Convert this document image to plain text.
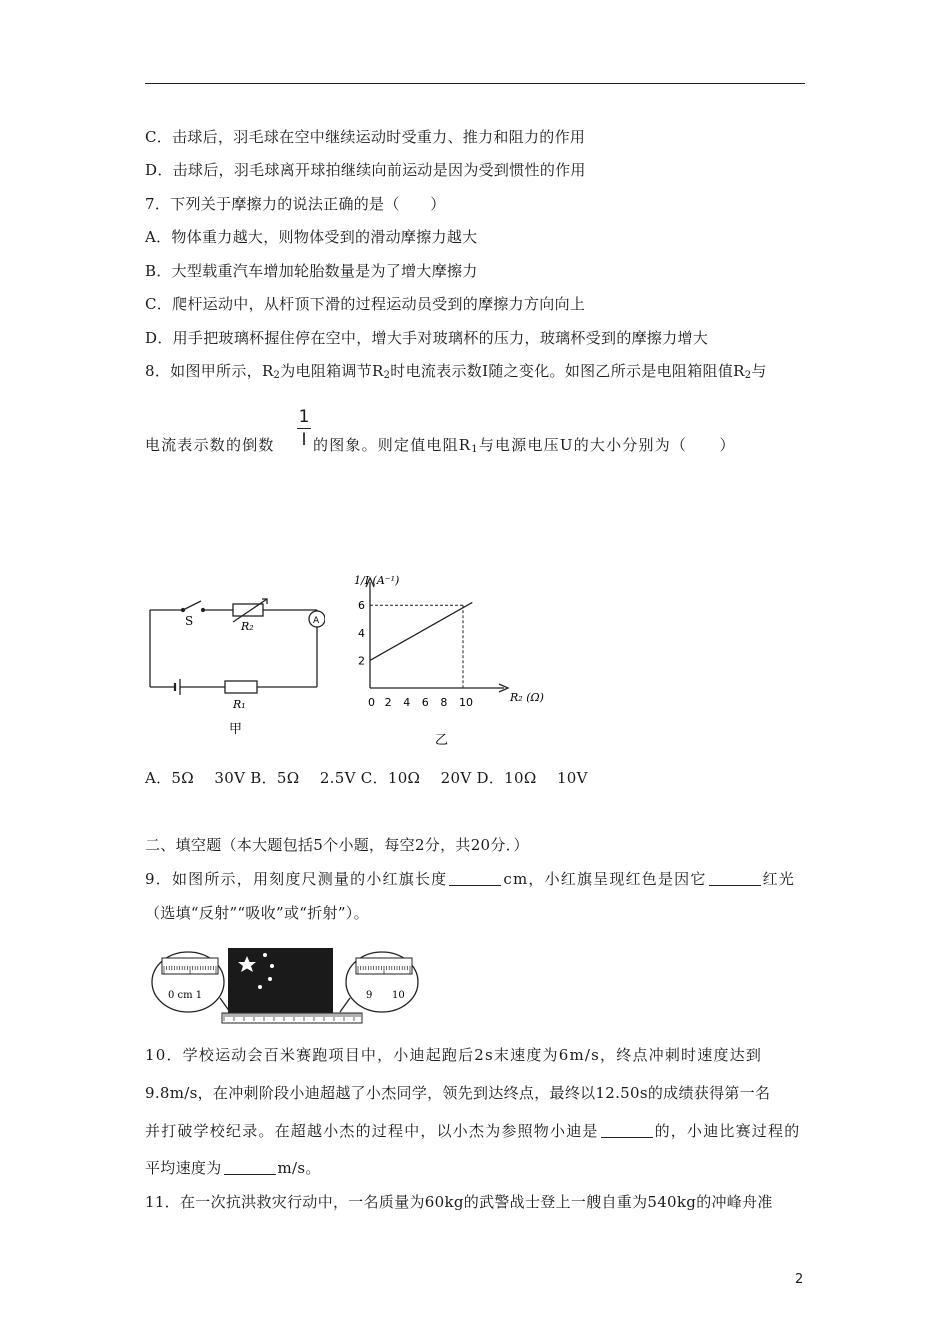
C．击球后，羽毛球在空中继续运动时受重力、推力和阻力的作用
D．击球后，羽毛球离开球拍继续向前运动是因为受到惯性的作用
7．下列关于摩擦力的说法正确的是（　　）
A．物体重力越大，则物体受到的滑动摩擦力越大
B．大型载重汽车增加轮胎数量是为了增大摩擦力
C．爬杆运动中，从杆顶下滑的过程运动员受到的摩擦力方向向上
D．用手把玻璃杯握住停在空中，增大手对玻璃杯的压力，玻璃杯受到的摩擦力增大
8．如图甲所示，$R_2$为电阻箱调节$R_2$时电流表示数I随之变化。如图乙所示是电阻箱阻值$R_2$与
电流表示数的倒数
1
I 的图象。则定值电阻$R_1$与电源电压U的大小分别为（　　）
S	R₂	A
R₁
甲
1/I (A⁻¹)
R₂ (Ω)
0 2 4 6 8 10
2
4
6
乙
A．5Ω　 30V B．5Ω　 2.5V C．10Ω　 20V D．10Ω　 10V
二、填空题（本大题包括5个小题，每空2分，共20分．）
9．如图所示，用刻度尺测量的小红旗长度	cm，小红旗呈现红色是因它	红光
（选填“反射”“吸收”或“折射”）。
0 cm 1	9 10
10．学校运动会百米赛跑项目中，小迪起跑后2s末速度为6m/s，终点冲刺时速度达到
9.8m/s，在冲刺阶段小迪超越了小杰同学，领先到达终点，最终以12.50s的成绩获得第一名
并打破学校纪录。在超越小杰的过程中，以小杰为参照物小迪是	的，小迪比赛过程的
平均速度为	m/s。
11．在一次抗洪救灾行动中，一名质量为60kg的武警战士登上一艘自重为540kg的冲峰舟准
2
